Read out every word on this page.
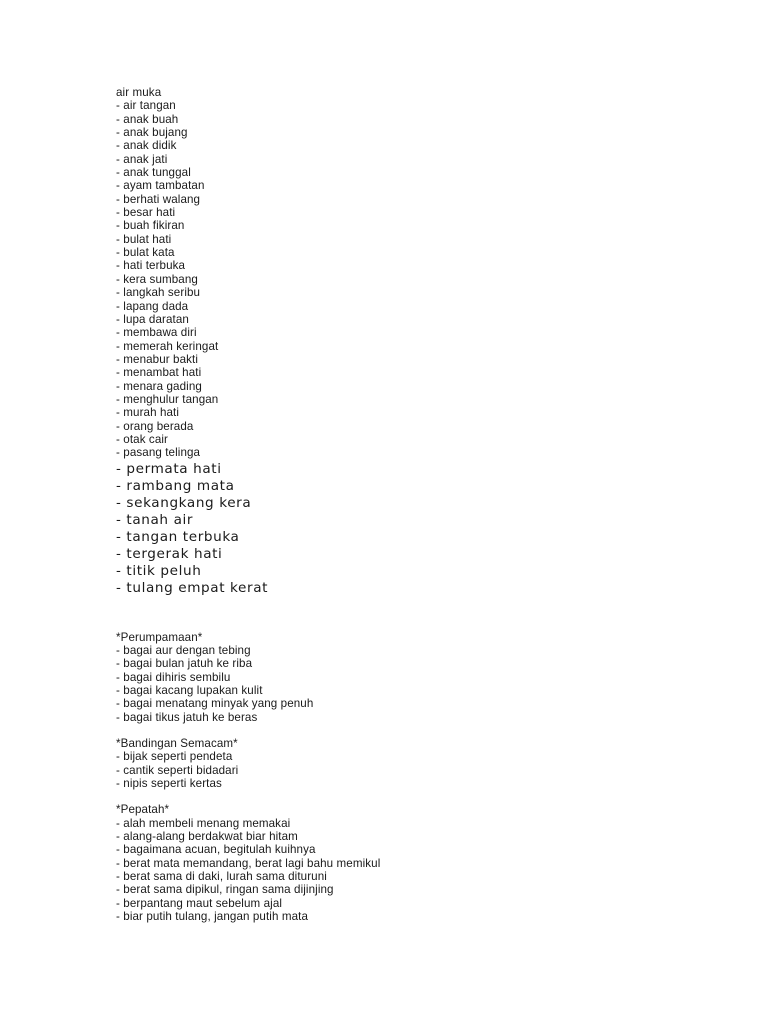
air muka
- air tangan
- anak buah
- anak bujang
- anak didik
- anak jati
- anak tunggal
- ayam tambatan
- berhati walang
- besar hati
- buah fikiran
- bulat hati
- bulat kata
- hati terbuka
- kera sumbang
- langkah seribu
- lapang dada
- lupa daratan
- membawa diri
- memerah keringat
- menabur bakti
- menambat hati
- menara gading
- menghulur tangan
- murah hati
- orang berada
- otak cair
- pasang telinga
- permata hati
- rambang mata
- sekangkang kera
- tanah air
- tangan terbuka
- tergerak hati
- titik peluh
- tulang empat kerat
*Perumpamaan*
- bagai aur dengan tebing
- bagai bulan jatuh ke riba
- bagai dihiris sembilu
- bagai kacang lupakan kulit
- bagai menatang minyak yang penuh
- bagai tikus jatuh ke beras
*Bandingan Semacam*
- bijak seperti pendeta
- cantik seperti bidadari
- nipis seperti kertas
*Pepatah*
- alah membeli menang memakai
- alang-alang berdakwat biar hitam
- bagaimana acuan, begitulah kuihnya
- berat mata memandang, berat lagi bahu memikul
- berat sama di daki, lurah sama dituruni
- berat sama dipikul, ringan sama dijinjing
- berpantang maut sebelum ajal
- biar putih tulang, jangan putih mata
